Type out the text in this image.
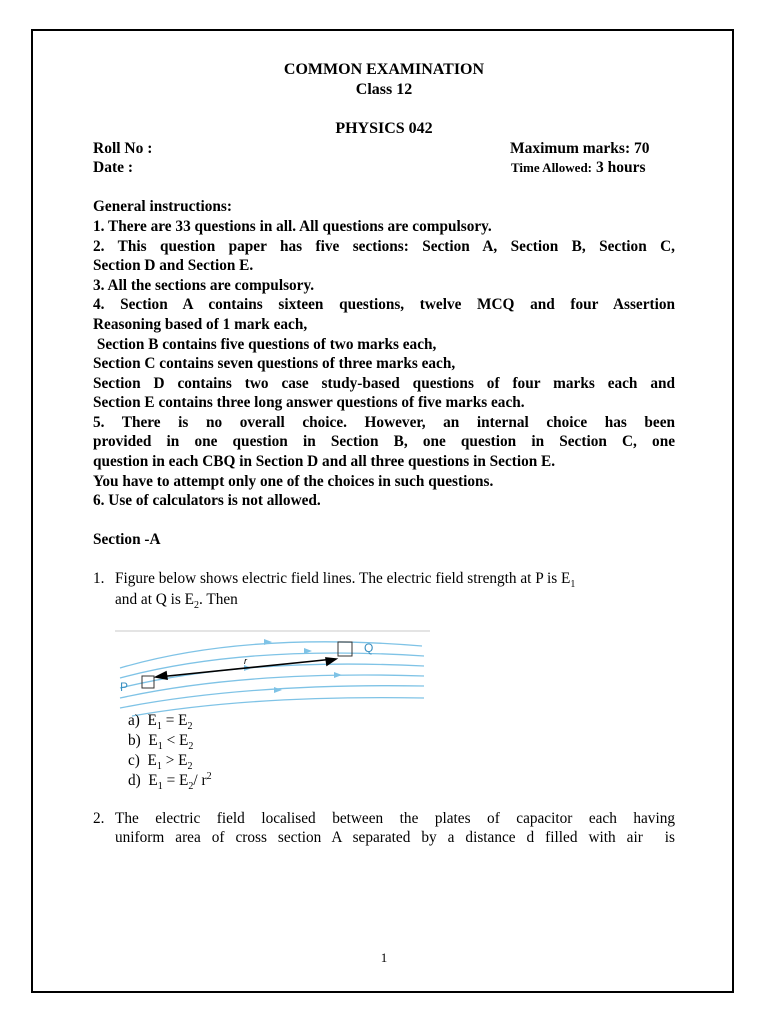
COMMON EXAMINATION
Class 12
PHYSICS 042
Roll No :	Maximum marks: 70
Date :	Time Allowed: 3 hours
General instructions:
1. There are 33 questions in all. All questions are compulsory.
2. This question paper has five sections: Section A, Section B, Section C,
Section D and Section E.
3. All the sections are compulsory.
4. Section A contains sixteen questions, twelve MCQ and four Assertion
Reasoning based of 1 mark each,
Section B contains five questions of two marks each,
Section C contains seven questions of three marks each,
Section D contains two case study-based questions of four marks each and
Section E contains three long answer questions of five marks each.
5. There is no overall choice. However, an internal choice has been
provided in one question in Section B, one question in Section C, one
question in each CBQ in Section D and all three questions in Section E.
You have to attempt only one of the choices in such questions.
6. Use of calculators is not allowed.
Section -A
1. Figure below shows electric field lines. The electric field strength at P is $E_1$
and at Q is $E_2$. Then
r
P
Q
a) $E_1 = E_2$
b) $E_1 < E_2$
c) $E_1 > E_2$
d) $E_1 = E_2/$ $r^2$
2. The electric field localised between the plates of capacitor each having
uniform area of cross section A separated by a distance d filled with air  is
1
